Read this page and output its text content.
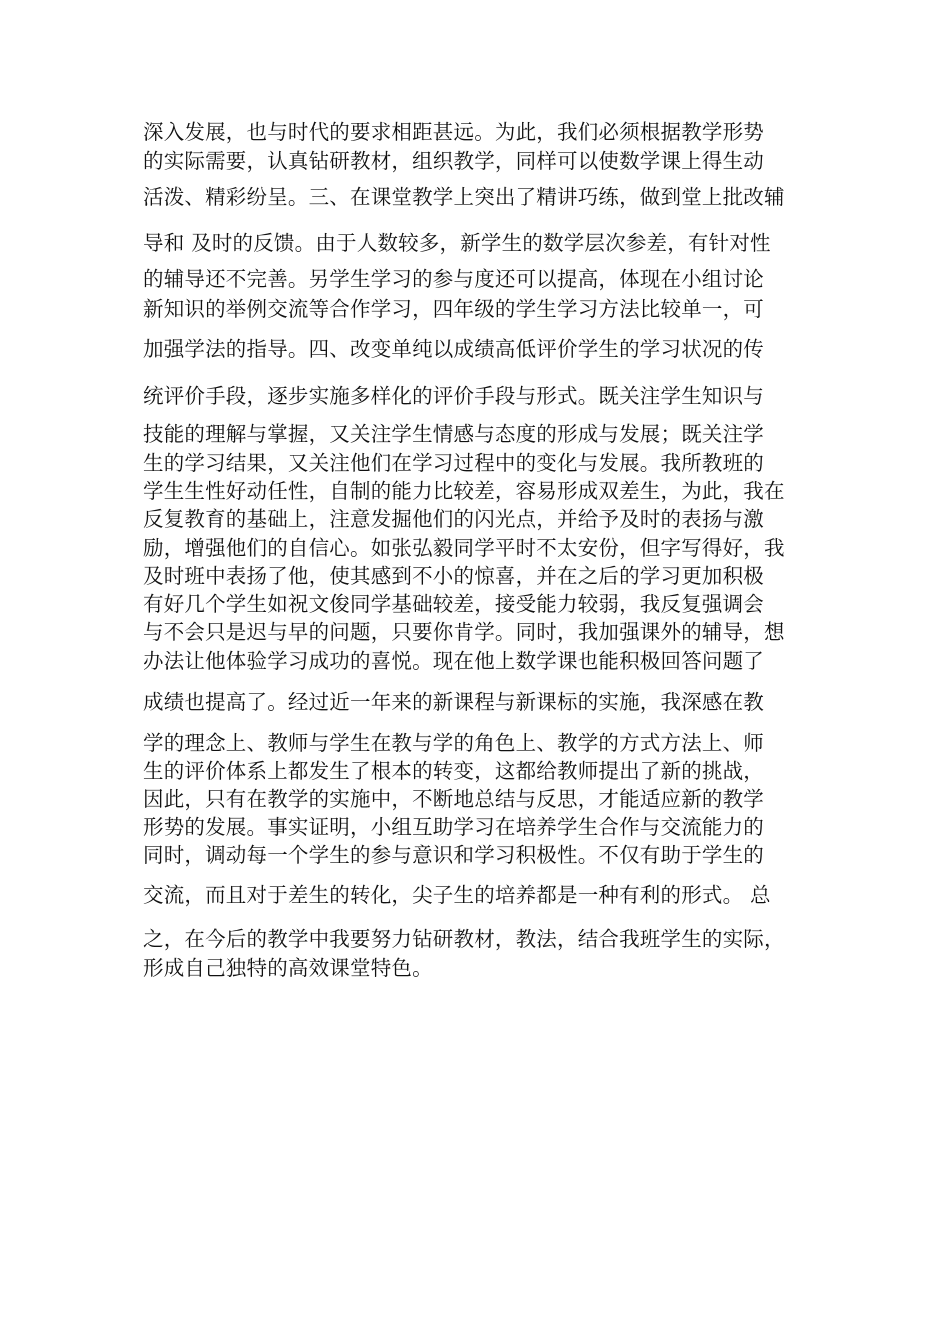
深入发展，也与时代的要求相距甚远。为此，我们必须根据教学形势
的实际需要，认真钻研教材，组织教学，同样可以使数学课上得生动
活泼、精彩纷呈。三、在课堂教学上突出了精讲巧练，做到堂上批改辅
导和 及时的反馈。由于人数较多，新学生的数学层次参差，有针对性
的辅导还不完善。另学生学习的参与度还可以提高，体现在小组讨论
新知识的举例交流等合作学习，四年级的学生学习方法比较单一，可
加强学法的指导。四、改变单纯以成绩高低评价学生的学习状况的传
统评价手段，逐步实施多样化的评价手段与形式。既关注学生知识与
技能的理解与掌握，又关注学生情感与态度的形成与发展；既关注学
生的学习结果，又关注他们在学习过程中的变化与发展。我所教班的
学生生性好动任性，自制的能力比较差，容易形成双差生，为此，我在
反复教育的基础上，注意发掘他们的闪光点，并给予及时的表扬与激
励，增强他们的自信心。如张弘毅同学平时不太安份，但字写得好，我
及时班中表扬了他，使其感到不小的惊喜，并在之后的学习更加积极
有好几个学生如祝文俊同学基础较差，接受能力较弱，我反复强调会
与不会只是迟与早的问题，只要你肯学。同时，我加强课外的辅导，想
办法让他体验学习成功的喜悦。现在他上数学课也能积极回答问题了
成绩也提高了。经过近一年来的新课程与新课标的实施，我深感在教
学的理念上、教师与学生在教与学的角色上、教学的方式方法上、师
生的评价体系上都发生了根本的转变，这都给教师提出了新的挑战，
因此，只有在教学的实施中，不断地总结与反思，才能适应新的教学
形势的发展。事实证明，小组互助学习在培养学生合作与交流能力的
同时，调动每一个学生的参与意识和学习积极性。不仅有助于学生的
交流，而且对于差生的转化，尖子生的培养都是一种有利的形式。 总
之，在今后的教学中我要努力钻研教材，教法，结合我班学生的实际，
形成自己独特的高效课堂特色。
